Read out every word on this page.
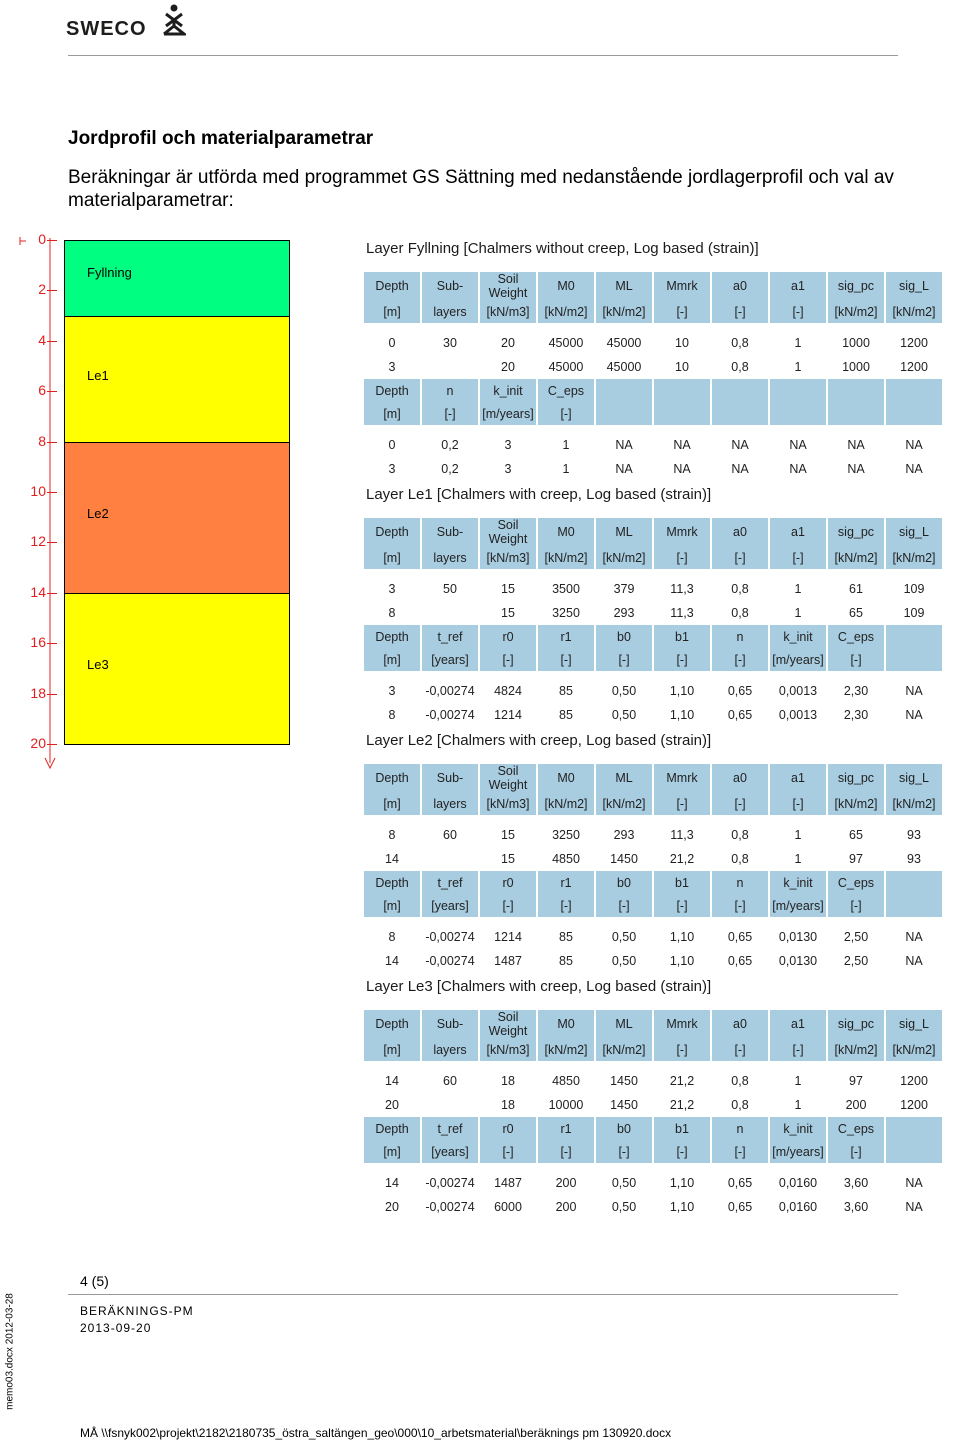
SWECO
Jordprofil och materialparametrar
Beräkningar är utförda med programmet GS Sättning med nedanstående jordlagerprofil och val av materialparametrar:
Fyllning
Le1
Le2
Le3
0
2
4
6
8
10
12
14
16
18
20
Layer Fyllning [Chalmers without creep, Log based (strain)]
Depth	Sub-	Soil Weight	M0	ML	Mmrk	a0	a1	sig_pc	sig_L
[m]	layers	[kN/m3]	[kN/m2]	[kN/m2]	[-]	[-]	[-]	[kN/m2]	[kN/m2]

0	30	20	45000	45000	10	0,8	1	1000	1200
3		20	45000	45000	10	0,8	1	1000	1200
Depth	n	k_init	C_eps						
[m]	[-]	[m/years]	[-]						

0	0,2	3	1	NA	NA	NA	NA	NA	NA
3	0,2	3	1	NA	NA	NA	NA	NA	NA
Layer Le1 [Chalmers with creep, Log based (strain)]
Depth	Sub-	Soil Weight	M0	ML	Mmrk	a0	a1	sig_pc	sig_L
[m]	layers	[kN/m3]	[kN/m2]	[kN/m2]	[-]	[-]	[-]	[kN/m2]	[kN/m2]

3	50	15	3500	379	11,3	0,8	1	61	109
8		15	3250	293	11,3	0,8	1	65	109
Depth	t_ref	r0	r1	b0	b1	n	k_init	C_eps	
[m]	[years]	[-]	[-]	[-]	[-]	[-]	[m/years]	[-]	

3	-0,00274	4824	85	0,50	1,10	0,65	0,0013	2,30	NA
8	-0,00274	1214	85	0,50	1,10	0,65	0,0013	2,30	NA
Layer Le2 [Chalmers with creep, Log based (strain)]
Depth	Sub-	Soil Weight	M0	ML	Mmrk	a0	a1	sig_pc	sig_L
[m]	layers	[kN/m3]	[kN/m2]	[kN/m2]	[-]	[-]	[-]	[kN/m2]	[kN/m2]

8	60	15	3250	293	11,3	0,8	1	65	93
14		15	4850	1450	21,2	0,8	1	97	93
Depth	t_ref	r0	r1	b0	b1	n	k_init	C_eps	
[m]	[years]	[-]	[-]	[-]	[-]	[-]	[m/years]	[-]	

8	-0,00274	1214	85	0,50	1,10	0,65	0,0130	2,50	NA
14	-0,00274	1487	85	0,50	1,10	0,65	0,0130	2,50	NA
Layer Le3 [Chalmers with creep, Log based (strain)]
Depth	Sub-	Soil Weight	M0	ML	Mmrk	a0	a1	sig_pc	sig_L
[m]	layers	[kN/m3]	[kN/m2]	[kN/m2]	[-]	[-]	[-]	[kN/m2]	[kN/m2]

14	60	18	4850	1450	21,2	0,8	1	97	1200
20		18	10000	1450	21,2	0,8	1	200	1200
Depth	t_ref	r0	r1	b0	b1	n	k_init	C_eps	
[m]	[years]	[-]	[-]	[-]	[-]	[-]	[m/years]	[-]	

14	-0,00274	1487	200	0,50	1,10	0,65	0,0160	3,60	NA
20	-0,00274	6000	200	0,50	1,10	0,65	0,0160	3,60	NA
4 (5)
BERÄKNINGS-PM
2013-09-20
memo03.docx 2012-03-28
MÅ \\fsnyk002\projekt\2182\2180735_östra_saltängen_geo\000\10_arbetsmaterial\beräknings pm 130920.docx
